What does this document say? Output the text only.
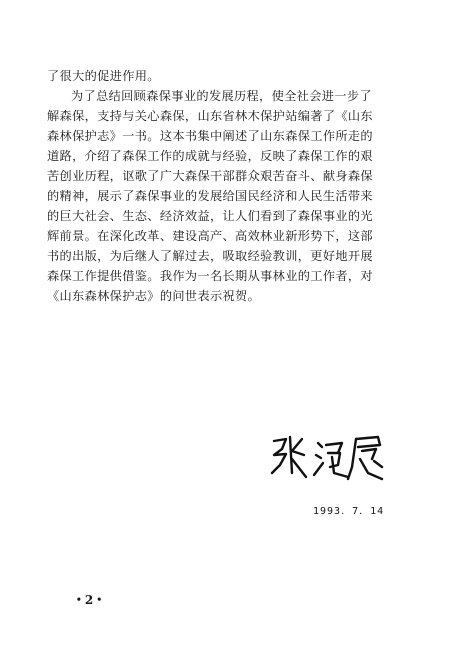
了很大的促进作用。
为了总结回顾森保事业的发展历程，使全社会进一步了
解森保，支持与关心森保，山东省林木保护站编著了《山东
森林保护志》一书。这本书集中阐述了山东森保工作所走的
道路，介绍了森保工作的成就与经验，反映了森保工作的艰
苦创业历程，讴歌了广大森保干部群众艰苦奋斗、献身森保
的精神，展示了森保事业的发展给国民经济和人民生活带来
的巨大社会、生态、经济效益，让人们看到了森保事业的光
辉前景。在深化改革、建设高产、高效林业新形势下，这部
书的出版，为后继人了解过去，吸取经验教训，更好地开展
森保工作提供借鉴。我作为一名长期从事林业的工作者，对
《山东森林保护志》的问世表示祝贺。
1993．7．14
• 2 •
